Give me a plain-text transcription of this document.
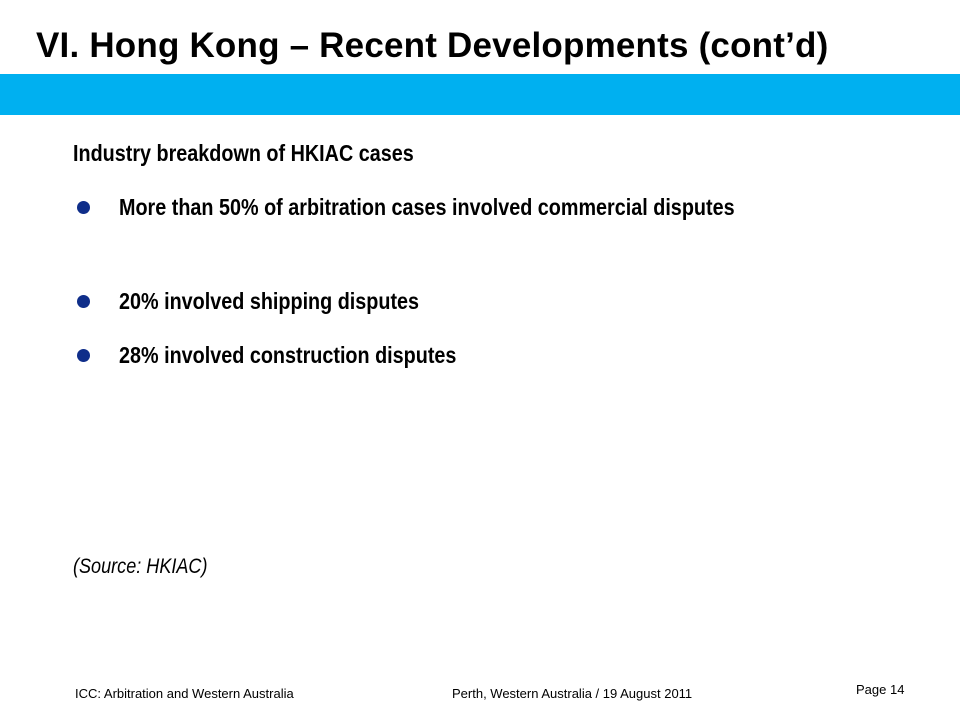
VI. Hong Kong – Recent Developments (cont’d)
Industry breakdown of HKIAC cases
More than 50% of arbitration cases involved commercial disputes
20% involved shipping disputes
28% involved construction disputes
(Source: HKIAC)
ICC: Arbitration and Western Australia	Perth, Western Australia / 19 August 2011	Page 14
